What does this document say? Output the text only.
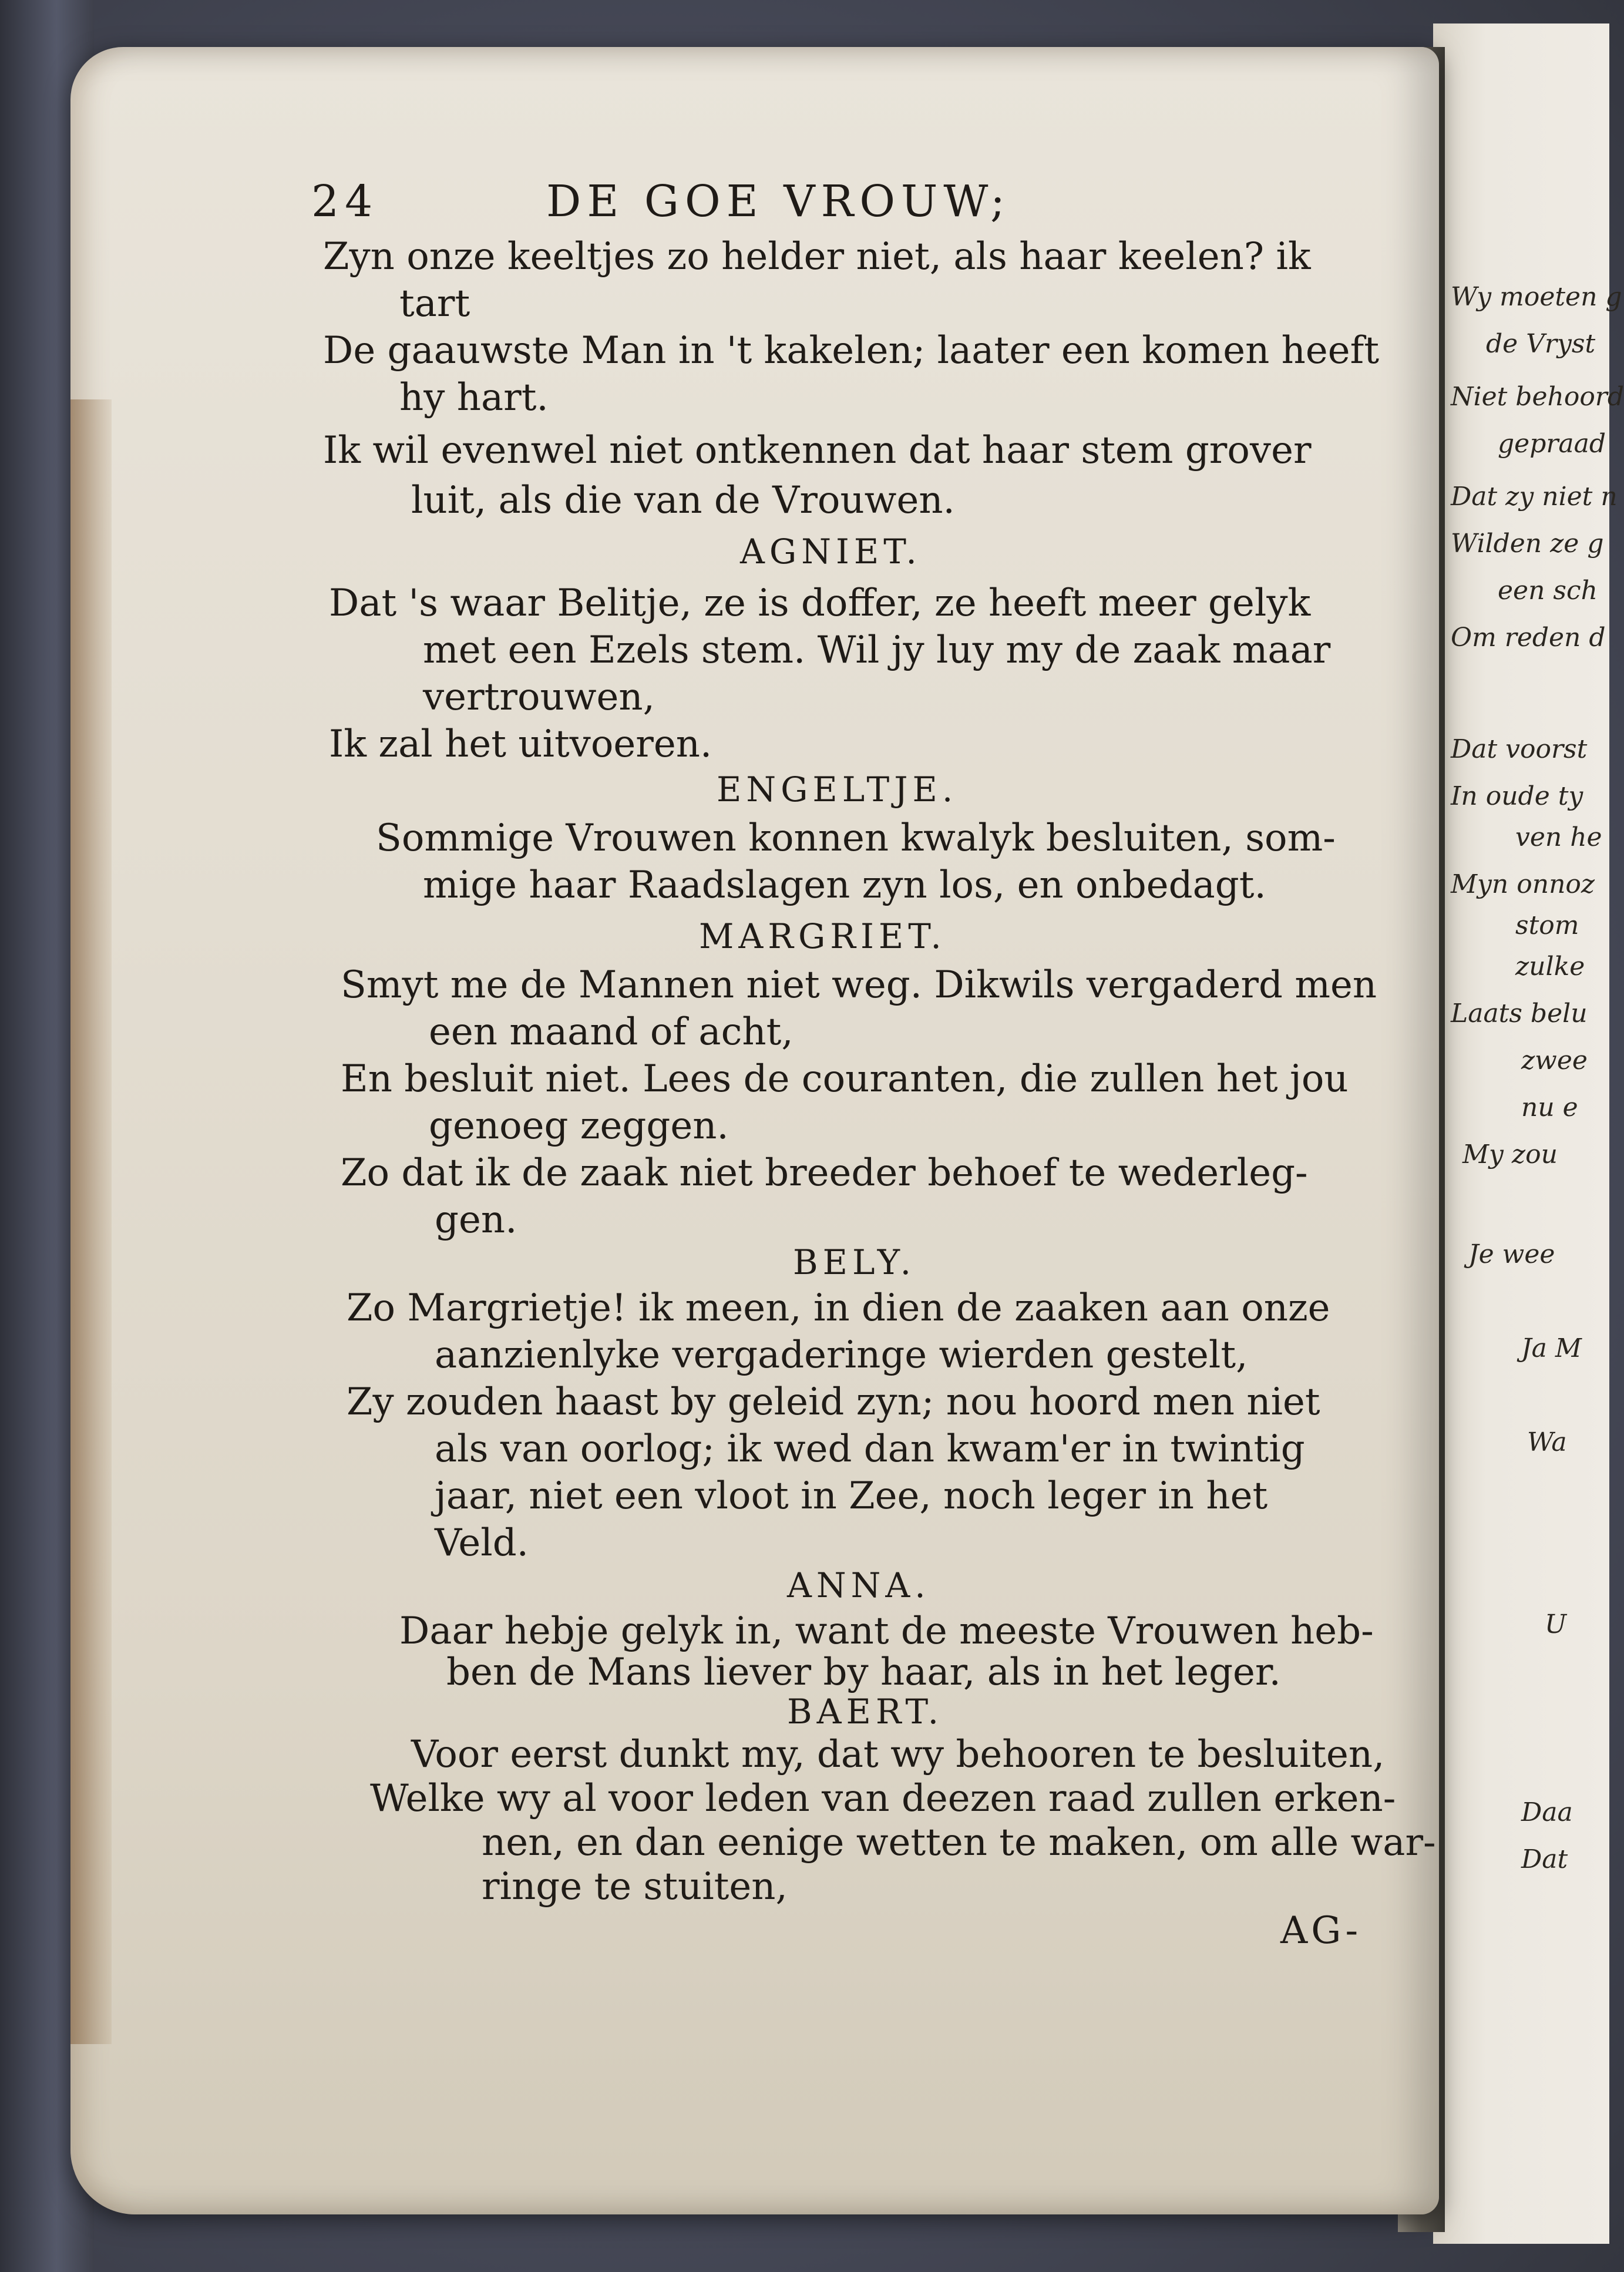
24	DE GOE VROUW;
Zyn onze keeltjes zo helder niet, als haar keelen? ik
tart
De gaauwste Man in 't kakelen; laater een komen heeft
hy hart.
Ik wil evenwel niet ontkennen dat haar stem grover
luit, als die van de Vrouwen.
AGNIET.
Dat 's waar Belitje, ze is doffer, ze heeft meer gelyk
met een Ezels stem. Wil jy luy my de zaak maar
vertrouwen,
Ik zal het uitvoeren.
ENGELTJE.
Sommige Vrouwen konnen kwalyk besluiten, som-
mige haar Raadslagen zyn los, en onbedagt.
MARGRIET.
Smyt me de Mannen niet weg. Dikwils vergaderd men
een maand of acht,
En besluit niet. Lees de couranten, die zullen het jou
genoeg zeggen.
Zo dat ik de zaak niet breeder behoef te wederleg-
gen.
BELY.
Zo Margrietje! ik meen, in dien de zaaken aan onze
aanzienlyke vergaderinge wierden gestelt,
Zy zouden haast by geleid zyn; nou hoord men niet
als van oorlog; ik wed dan kwam'er in twintig
jaar, niet een vloot in Zee, noch leger in het
Veld.
ANNA.
Daar hebje gelyk in, want de meeste Vrouwen heb-
ben de Mans liever by haar, als in het leger.
BAERT.
Voor eerst dunkt my, dat wy behooren te besluiten,
Welke wy al voor leden van deezen raad zullen erken-
nen, en dan eenige wetten te maken, om alle war-
ringe te stuiten,
AG-
Wy moeten g
de Vryst
Niet behoord
gepraad
Dat zy niet n
Wilden ze g
een sch
Om reden d
Dat voorst
In oude ty
ven he
Myn onnoz
stom
zulke
Laats belu
zwee
nu e
My zou
Je wee
Ja M
Wa
U
Daa
Dat
